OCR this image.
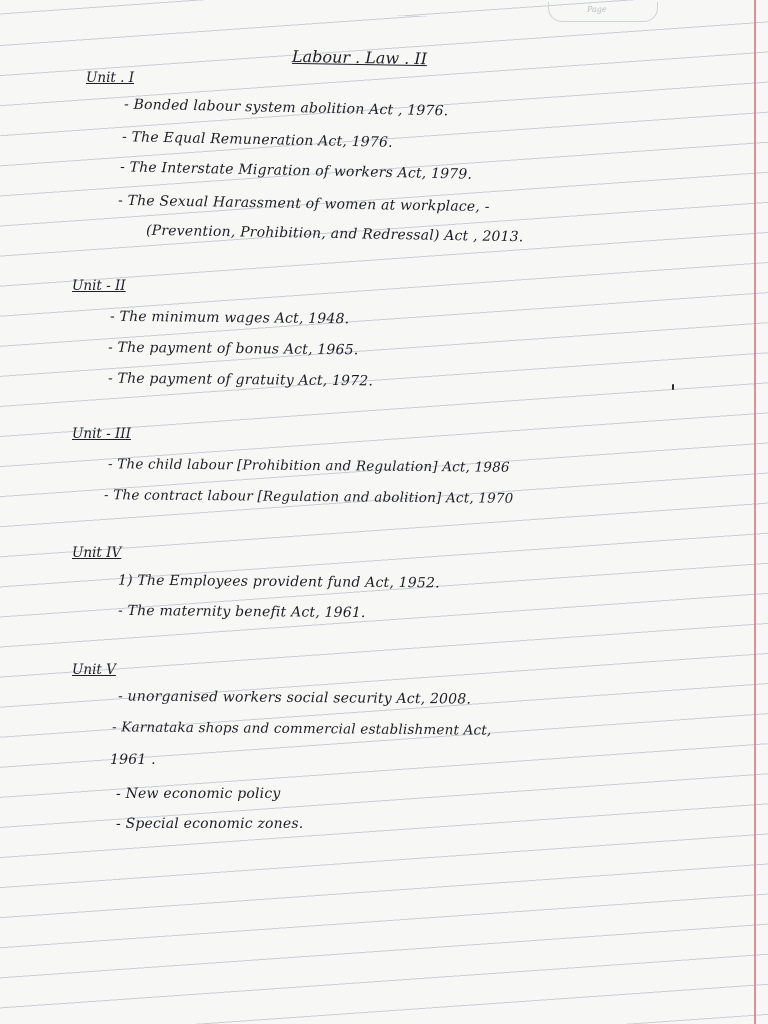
Page
Labour . Law . II
Unit . I
- Bonded labour system abolition Act , 1976.
- The Equal Remuneration Act, 1976.
- The Interstate Migration of workers Act, 1979.
- The Sexual Harassment of women at workplace, -
(Prevention, Prohibition, and Redressal) Act , 2013.
Unit - II
- The minimum wages Act, 1948.
- The payment of bonus Act, 1965.
- The payment of gratuity Act, 1972.
Unit - III
- The child labour [Prohibition and Regulation] Act, 1986
- The contract labour [Regulation and abolition] Act, 1970
Unit IV
1) The Employees provident fund Act, 1952.
- The maternity benefit Act, 1961.
Unit V
- unorganised workers social security Act, 2008.
- Karnataka shops and commercial establishment Act,
1961 .
- New economic policy
- Special economic zones.
